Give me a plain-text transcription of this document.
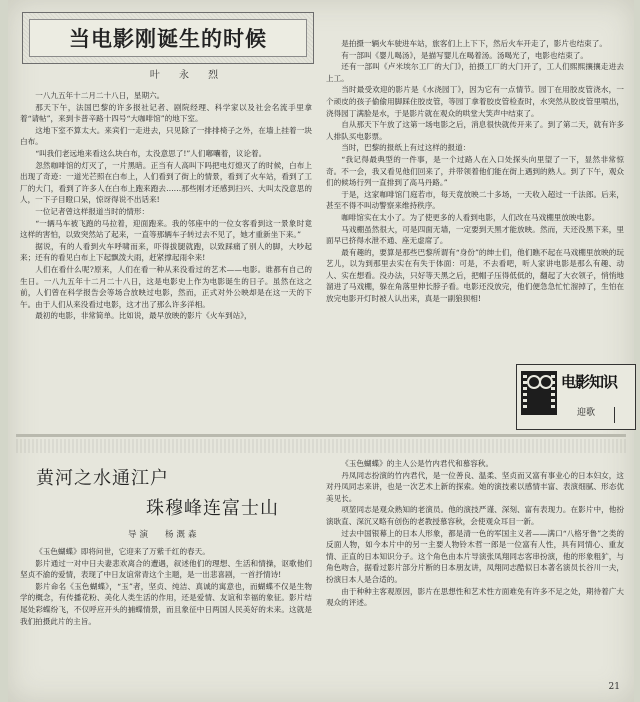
当电影刚诞生的时候
叶 永 烈

一八九五年十二月二十八日，星期六。

那天下午，法国巴黎的许多报社记者、剧院经理、科学家以及社会名流手里拿着“请帖”，来到卡普辛路十四号“大咖啡馆”的地下室。

这地下室不算太大。来宾们一走进去，只见除了一排排椅子之外，在墙上挂着一块白布。

“叫我们老远地来看这么块白布，太没意思了!”人们嘟囔着，议论着。

忽然咖啡馆的灯灭了，一片黑暗。正当有人高叫下吗把电灯熄灭了的时候，白布上出现了奇迹：一道光芒照在白布上，人们看到了街上的情景，看到了火车站，看到了工厂的大门，看到了许多人在白布上跑来跑去……那些刚才还感到扫兴、大叫太没意思的人，一下子目瞪口呆，惊讶得说不出话来!

一位记者曾这样报道当时的情形：

“一辆马车被飞跑的马拉着，迎面跑来。我的邻座中的一位女客看到这一景象时竟这样的害怕，以致突然站了起来，一直等那辆车子转过去不见了，她才重新坐下来。”

据说，有的人看到火车呼啸而来，吓得拔腿就跑，以致踩痛了别人的脚，大吵起来；还有的看见白布上下起飘泼大雨，赶紧撑起雨伞来!

人们在看什么呢?原来，人们在看一种从来没看过的艺术——电影。谁都有自己的生日。一八九五年十二月二十八日，这是电影史上作为电影诞生的日子。虽然在这之前，人们曾在科学报告会等场合放映过电影，然而，正式对外公映却是在这一天的下午。由于人们从来没看过电影，这才出了那么许多洋相。

最初的电影，非常简单。比如说，最早放映的影片《火车到站》，

是拍摄一辆火车驶进车站，旅客们上上下下，然后火车开走了，影片也结束了。

有一部叫《婴儿喝汤》，是描写婴儿在喝着汤。汤喝光了，电影也结束了。

还有一部叫《卢米埃尔工厂的大门》，拍摄工厂的大门开了，工人们熙熙攘攘走进去上工。

当时最受欢迎的影片是《水浇园丁》，因为它有一点情节。园丁在用胶皮管浇水，一个顽皮的孩子偷偷用脚踩住胶皮管，等园丁拿着胶皮管检查时，水突然从胶皮管里喷出，浇得园丁满脸是水，于是影片就在观众的哄堂大笑声中结束了。

自从那天下午放了这第一场电影之后，消息很快就传开来了。到了第二天，就有许多人排队买电影票。

当时，巴黎的报纸上有过这样的报道：

“我记得最典型的一件事，是一个过路人在入口处探头向里望了一下，显然非常惊奇。不一会，我又看见他们回来了，并带领着他们能在街上遇到的熟人。到了下午，观众们的候场行列一直排到了高马丹路。”

于是，这家咖啡馆门庭若市，每天竟放映二十多场，一天收入超过一千法郎。后来，甚至不得不叫动警察来维持秩序。

咖啡馆实在太小了。为了使更多的人看到电影，人们改在马戏棚里放映电影。

马戏棚虽然很大，可是四面无墙，一定要到天黑才能放映。然而，天还没黑下来，里面早已挤得水泄不通、座无虚席了。

最有趣的，要算是那些巴黎所谓有“身份”的绅士们，他们瞧不起在马戏棚里放映的玩艺儿，以为到那里去实在有失于体面：可是，不去看吧，听人家讲电影是那么有趣、动人、实在想看。没办法，只好等天黑之后，把帽子压得低低的，翻起了大衣领子，悄悄地溜进了马戏棚，躲在角落里伸长脖子看。电影还没放完，他们便急急忙忙溜掉了，生怕在放完电影开灯时被人认出来，真是一副狼狈相!

电影知识
迎歌
黄河之水通江户
珠穆峰连富士山
导演 杨溉森

《玉色蝴蝶》即将问世，它迎来了万紫千红的春天。

影片通过一对中日夫妻悲欢离合的遭遇，叙述他们的理想、生活和情操，讴歌他们坚贞不渝的爱情，表现了中日友谊常青这个主题，是一出悲喜剧，一首抒情诗!

影片命名《玉色蝴蝶》，“玉”者，坚贞、纯洁、真诚的寓意也，而蝴蝶不仅是生物学的概念，有传播花粉、美化人类生活的作用，还是爱情、友谊和幸福的象征。影片结尾处彩蝶纷飞，不仅呼应开头的捕蝶情景，而且象征中日两国人民美好的未来。这就是我们拍摄此片的主旨。

《玉色蝴蝶》的主人公是竹内君代和慕容秋。

丹凤同志扮演的竹内君代，是一位善良、温柔、坚贞而又富有事业心的日本妇女，这对丹凤同志来讲，也是一次艺术上新的探索。她的演技素以感情丰富、表演细腻、形态优美见长。

项堃同志是观众熟知的老演员。他的演技严谨、深刻、富有表现力。在影片中，他扮演耿直、深沉又略有创伤的老教授慕容秋，会使观众耳目一新。

过去中国银幕上的日本人形象，都是清一色的军国主义者——满口“八格牙鲁”之类的反面人物，如今本片中的另一主要人物铃木哲一郎是一位富有人性，具有同情心、重友情、正直的日本知识分子。这个角色由本片导演张凤翔同志客串扮演，他的形象粗犷，与角色吻合，据看过影片部分片断的日本朋友讲，凤翔同志酷似日本著名演员长谷川一夫，扮演日本人是合适的。

由于种种主客观原因，影片在思想性和艺术性方面难免有许多不足之处，期待着广大观众的评述。

21
